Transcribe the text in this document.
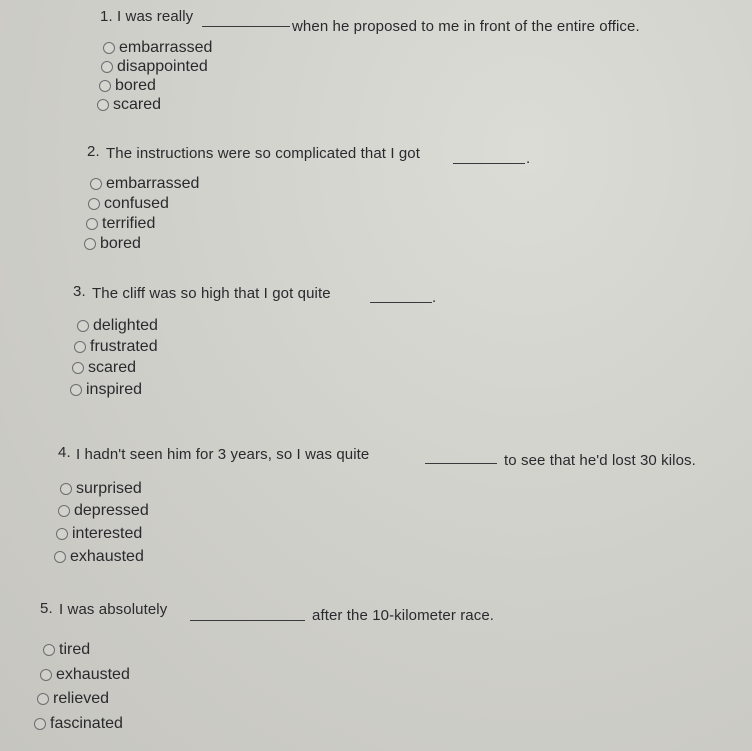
1. I was really
when he proposed to me in front of the entire office.
embarrassed
disappointed
bored
scared
2. The instructions were so complicated that I got	.
embarrassed
confused
terrified
bored
3. The cliff was so high that I got quite	.
delighted
frustrated
scared
inspired
4. I hadn't seen him for 3 years, so I was quite	to see that he'd lost 30 kilos.
surprised
depressed
interested
exhausted
5. I was absolutely	after the 10-kilometer race.
tired
exhausted
relieved
fascinated
